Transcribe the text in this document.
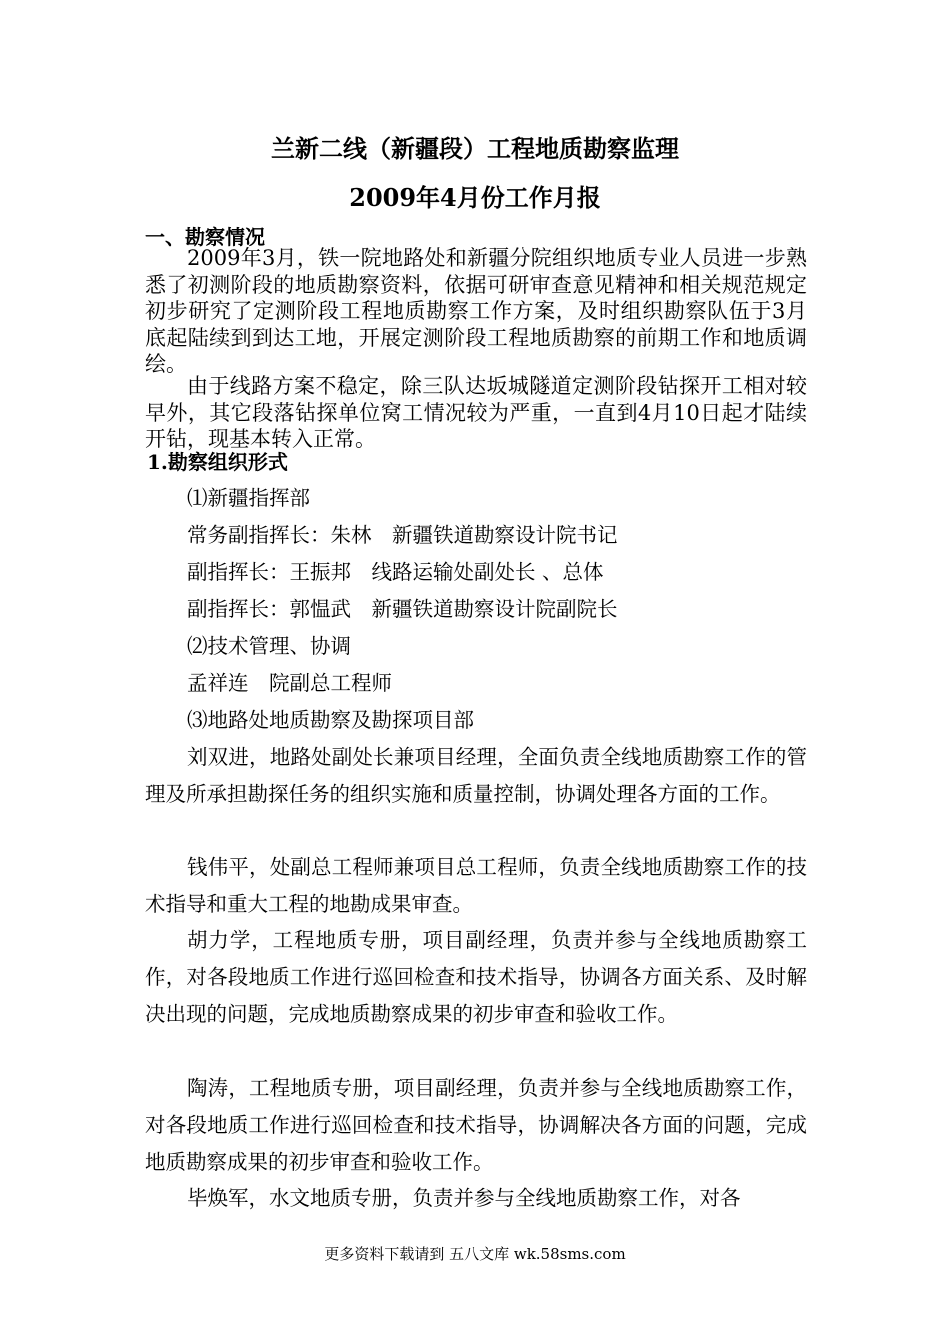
兰新二线（新疆段）工程地质勘察监理
2009年4月份工作月报
一、勘察情况

2009年3月，铁一院地路处和新疆分院组织地质专业人员进一步熟悉了初测阶段的地质勘察资料，依据可研审查意见精神和相关规范规定初步研究了定测阶段工程地质勘察工作方案，及时组织勘察队伍于3月底起陆续到到达工地，开展定测阶段工程地质勘察的前期工作和地质调绘。

由于线路方案不稳定，除三队达坂城隧道定测阶段钻探开工相对较早外，其它段落钻探单位窝工情况较为严重，一直到4月10日起才陆续开钻，现基本转入正常。

1.勘察组织形式
⑴新疆指挥部
常务副指挥长：朱林　新疆铁道勘察设计院书记
副指挥长：王振邦　线路运输处副处长 、总体
副指挥长：郭愠武　新疆铁道勘察设计院副院长
⑵技术管理、协调
孟祥连　院副总工程师
⑶地路处地质勘察及勘探项目部

刘双进，地路处副处长兼项目经理，全面负责全线地质勘察工作的管理及所承担勘探任务的组织实施和质量控制，协调处理各方面的工作。

钱伟平，处副总工程师兼项目总工程师，负责全线地质勘察工作的技术指导和重大工程的地勘成果审查。

胡力学，工程地质专册，项目副经理，负责并参与全线地质勘察工作，对各段地质工作进行巡回检查和技术指导，协调各方面关系、及时解决出现的问题，完成地质勘察成果的初步审查和验收工作。

陶涛，工程地质专册，项目副经理，负责并参与全线地质勘察工作，对各段地质工作进行巡回检查和技术指导，协调解决各方面的问题，完成地质勘察成果的初步审查和验收工作。

毕焕军，水文地质专册，负责并参与全线地质勘察工作，对各

更多资料下载请到 五八文库 wk.58sms.com
